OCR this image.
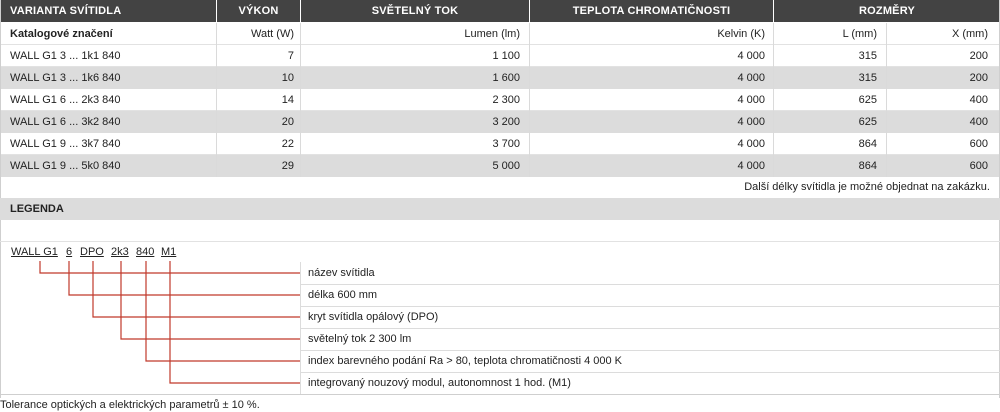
VARIANTA SVÍTIDLA	VÝKON	SVĚTELNÝ TOK	TEPLOTA CHROMATIČNOSTI	ROZMĚRY
Katalogové značení	Watt (W)	Lumen (lm)	Kelvin (K)	L (mm)	X (mm)
WALL G1 3 ... 1k1 840	7	1 100	4 000	315	200
WALL G1 3 ... 1k6 840	10	1 600	4 000	315	200
WALL G1 6 ... 2k3 840	14	2 300	4 000	625	400
WALL G1 6 ... 3k2 840	20	3 200	4 000	625	400
WALL G1 9 ... 3k7 840	22	3 700	4 000	864	600
WALL G1 9 ... 5k0 840	29	5 000	4 000	864	600
Další délky svítidla je možné objednat na zakázku.
LEGENDA
WALL G1 6 DPO 2k3 840 M1
název svítidla
délka 600 mm
kryt svítidla opálový (DPO)
světelný tok 2 300 lm
index barevného podání Ra > 80, teplota chromatičnosti 4 000 K
integrovaný nouzový modul, autonomnost 1 hod. (M1)
Tolerance optických a elektrických parametrů ± 10 %.
